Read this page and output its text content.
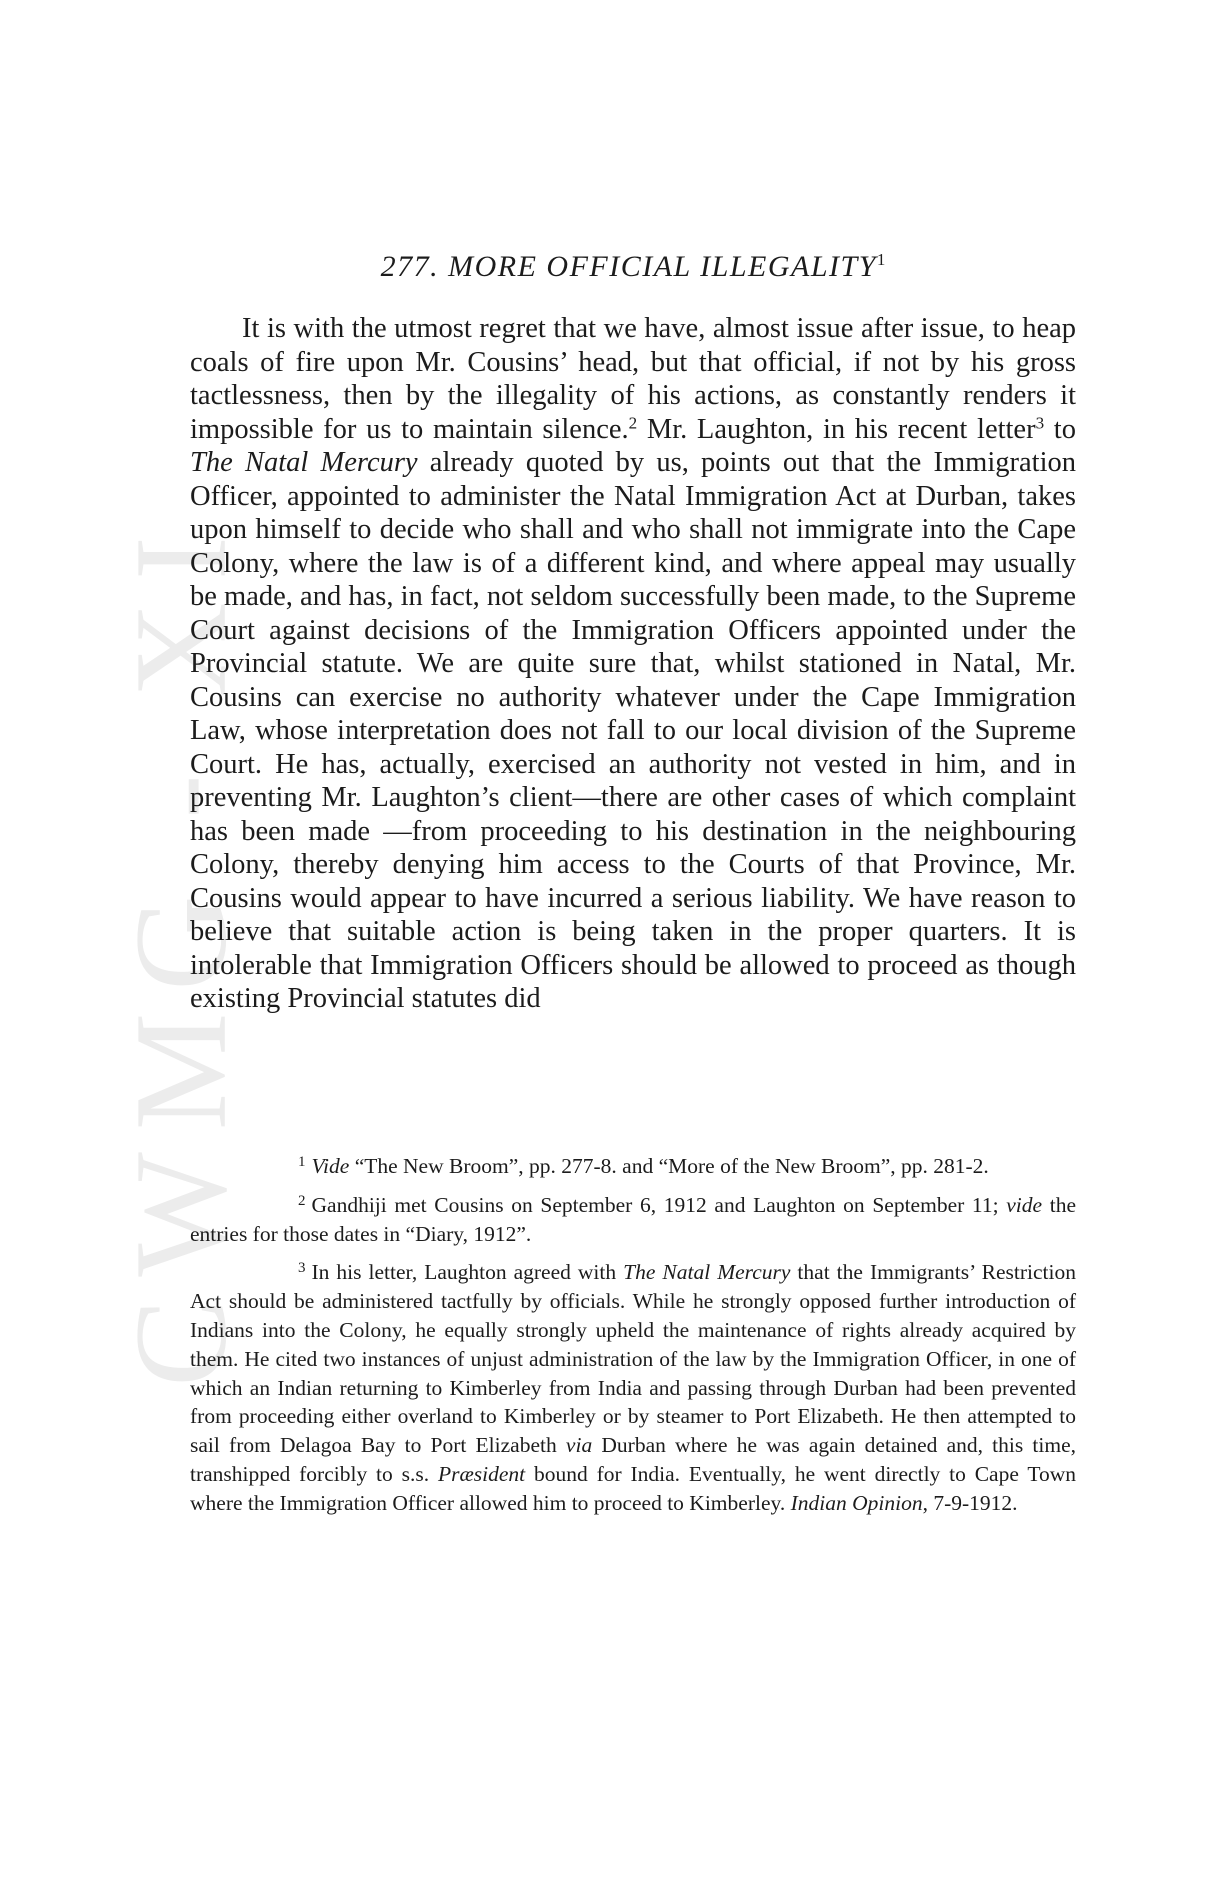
CWMG - XI
277. MORE OFFICIAL ILLEGALITY$^1$

It is with the utmost regret that we have, almost issue after issue, to heap coals of fire upon Mr. Cousins’ head, but that official, if not by his gross tactlessness, then by the illegality of his actions, as constantly renders it impossible for us to maintain silence.$^2$ Mr. Laughton, in his recent letter$^3$ to The Natal Mercury already quoted by us, points out that the Immigration Officer, appointed to administer the Natal Immigration Act at Durban, takes upon himself to decide who shall and who shall not immigrate into the Cape Colony, where the law is of a different kind, and where appeal may usually be made, and has, in fact, not seldom successfully been made, to the Supreme Court against decisions of the Immigration Officers appointed under the Provincial statute. We are quite sure that, whilst stationed in Natal, Mr. Cousins can exercise no authority whatever under the Cape Immigration Law, whose interpretation does not fall to our local division of the Supreme Court. He has, actually, exercised an authority not vested in him, and in preventing Mr. Laughton’s client—there are other cases of which complaint has been made —from proceeding to his destination in the neighbouring Colony, thereby denying him access to the Courts of that Province, Mr. Cousins would appear to have incurred a serious liability. We have reason to believe that suitable action is being taken in the proper quarters. It is intolerable that Immigration Officers should be allowed to proceed as though existing Provincial statutes did

1 Vide “The New Broom”, pp. 277-8. and “More of the New Broom”, pp. 281-2.

2 Gandhiji met Cousins on September 6, 1912 and Laughton on September 11; vide the entries for those dates in “Diary, 1912”.

3 In his letter, Laughton agreed with The Natal Mercury that the Immigrants’ Restriction Act should be administered tactfully by officials. While he strongly opposed further introduction of Indians into the Colony, he equally strongly upheld the maintenance of rights already acquired by them. He cited two instances of unjust administration of the law by the Immigration Officer, in one of which an Indian returning to Kimberley from India and passing through Durban had been prevented from proceeding either overland to Kimberley or by steamer to Port Elizabeth. He then attempted to sail from Delagoa Bay to Port Elizabeth via Durban where he was again detained and, this time, transhipped forcibly to s.s. Præsident bound for India. Eventually, he went directly to Cape Town where the Immigration Officer allowed him to proceed to Kimberley. Indian Opinion, 7-9-1912.
